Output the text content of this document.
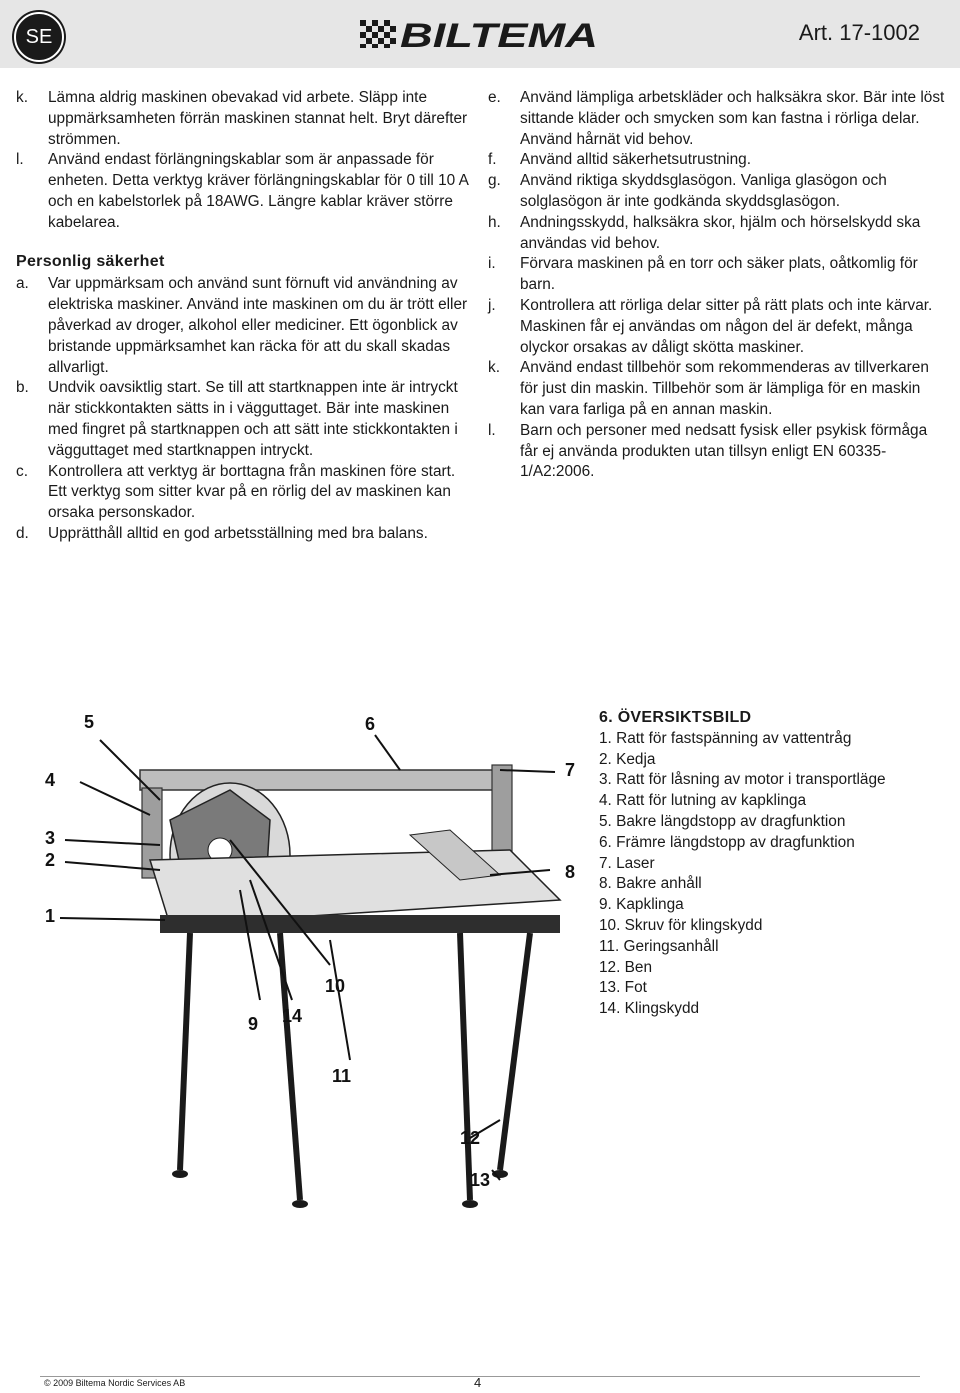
SE	BILTEMA	Art. 17-1002
k.	Lämna aldrig maskinen obevakad vid arbete. Släpp inte uppmärksamheten förrän maskinen stannat helt. Bryt därefter strömmen.
l.	Använd endast förlängningskablar som är anpassade för enheten. Detta verktyg kräver förlängningskablar för 0 till 10 A och en kabelstorlek på 18AWG. Längre kablar kräver större kabelarea.
Personlig säkerhet
a.	Var uppmärksam och använd sunt förnuft vid användning av elektriska maskiner. Använd inte maskinen om du är trött eller påverkad av droger, alkohol eller mediciner. Ett ögonblick av bristande uppmärksamhet kan räcka för att du skall skadas allvarligt.
b.	Undvik oavsiktlig start. Se till att startknappen inte är intryckt när stickkontakten sätts in i vägguttaget. Bär inte maskinen med fingret på startknappen och att sätt inte stickkontakten i vägguttaget med startknappen intryckt.
c.	Kontrollera att verktyg är borttagna från maskinen före start. Ett verktyg som sitter kvar på en rörlig del av maskinen kan orsaka personskador.
d.	Upprätthåll alltid en god arbetsställning med bra balans.
e.	Använd lämpliga arbetskläder och halksäkra skor. Bär inte löst sittande kläder och smycken som kan fastna i rörliga delar. Använd hårnät vid behov.
f.	Använd alltid säkerhetsutrustning.
g.	Använd riktiga skyddsglasögon. Vanliga glasögon och solglasögon är inte godkända skyddsglasögon.
h.	Andningsskydd, halksäkra skor, hjälm och hörselskydd ska användas vid behov.
i.	Förvara maskinen på en torr och säker plats, oåtkomlig för barn.
j.	Kontrollera att rörliga delar sitter på rätt plats och inte kärvar. Maskinen får ej användas om någon del är defekt, många olyckor orsakas av dåligt skötta maskiner.
k.	Använd endast tillbehör som rekommenderas av tillverkaren för just din maskin. Tillbehör som är lämpliga för en maskin kan vara farliga på en annan maskin.
l.	Barn och personer med nedsatt fysisk eller psykisk förmåga får ej använda produkten utan tillsyn enligt EN 60335-1/A2:2006.
5	6
7
4
3
2
1
8
10
9 14
11
12
13
6. ÖVERSIKTSBILD
1. Ratt för fastspänning av vattentråg
2. Kedja
3. Ratt för låsning av motor i transportläge
4. Ratt för lutning av kapklinga
5. Bakre längdstopp av dragfunktion
6. Främre längdstopp av dragfunktion
7. Laser
8. Bakre anhåll
9. Kapklinga
10. Skruv för klingskydd
11. Geringsanhåll
12. Ben
13. Fot
14. Klingskydd
© 2009 Biltema Nordic Services AB	4
